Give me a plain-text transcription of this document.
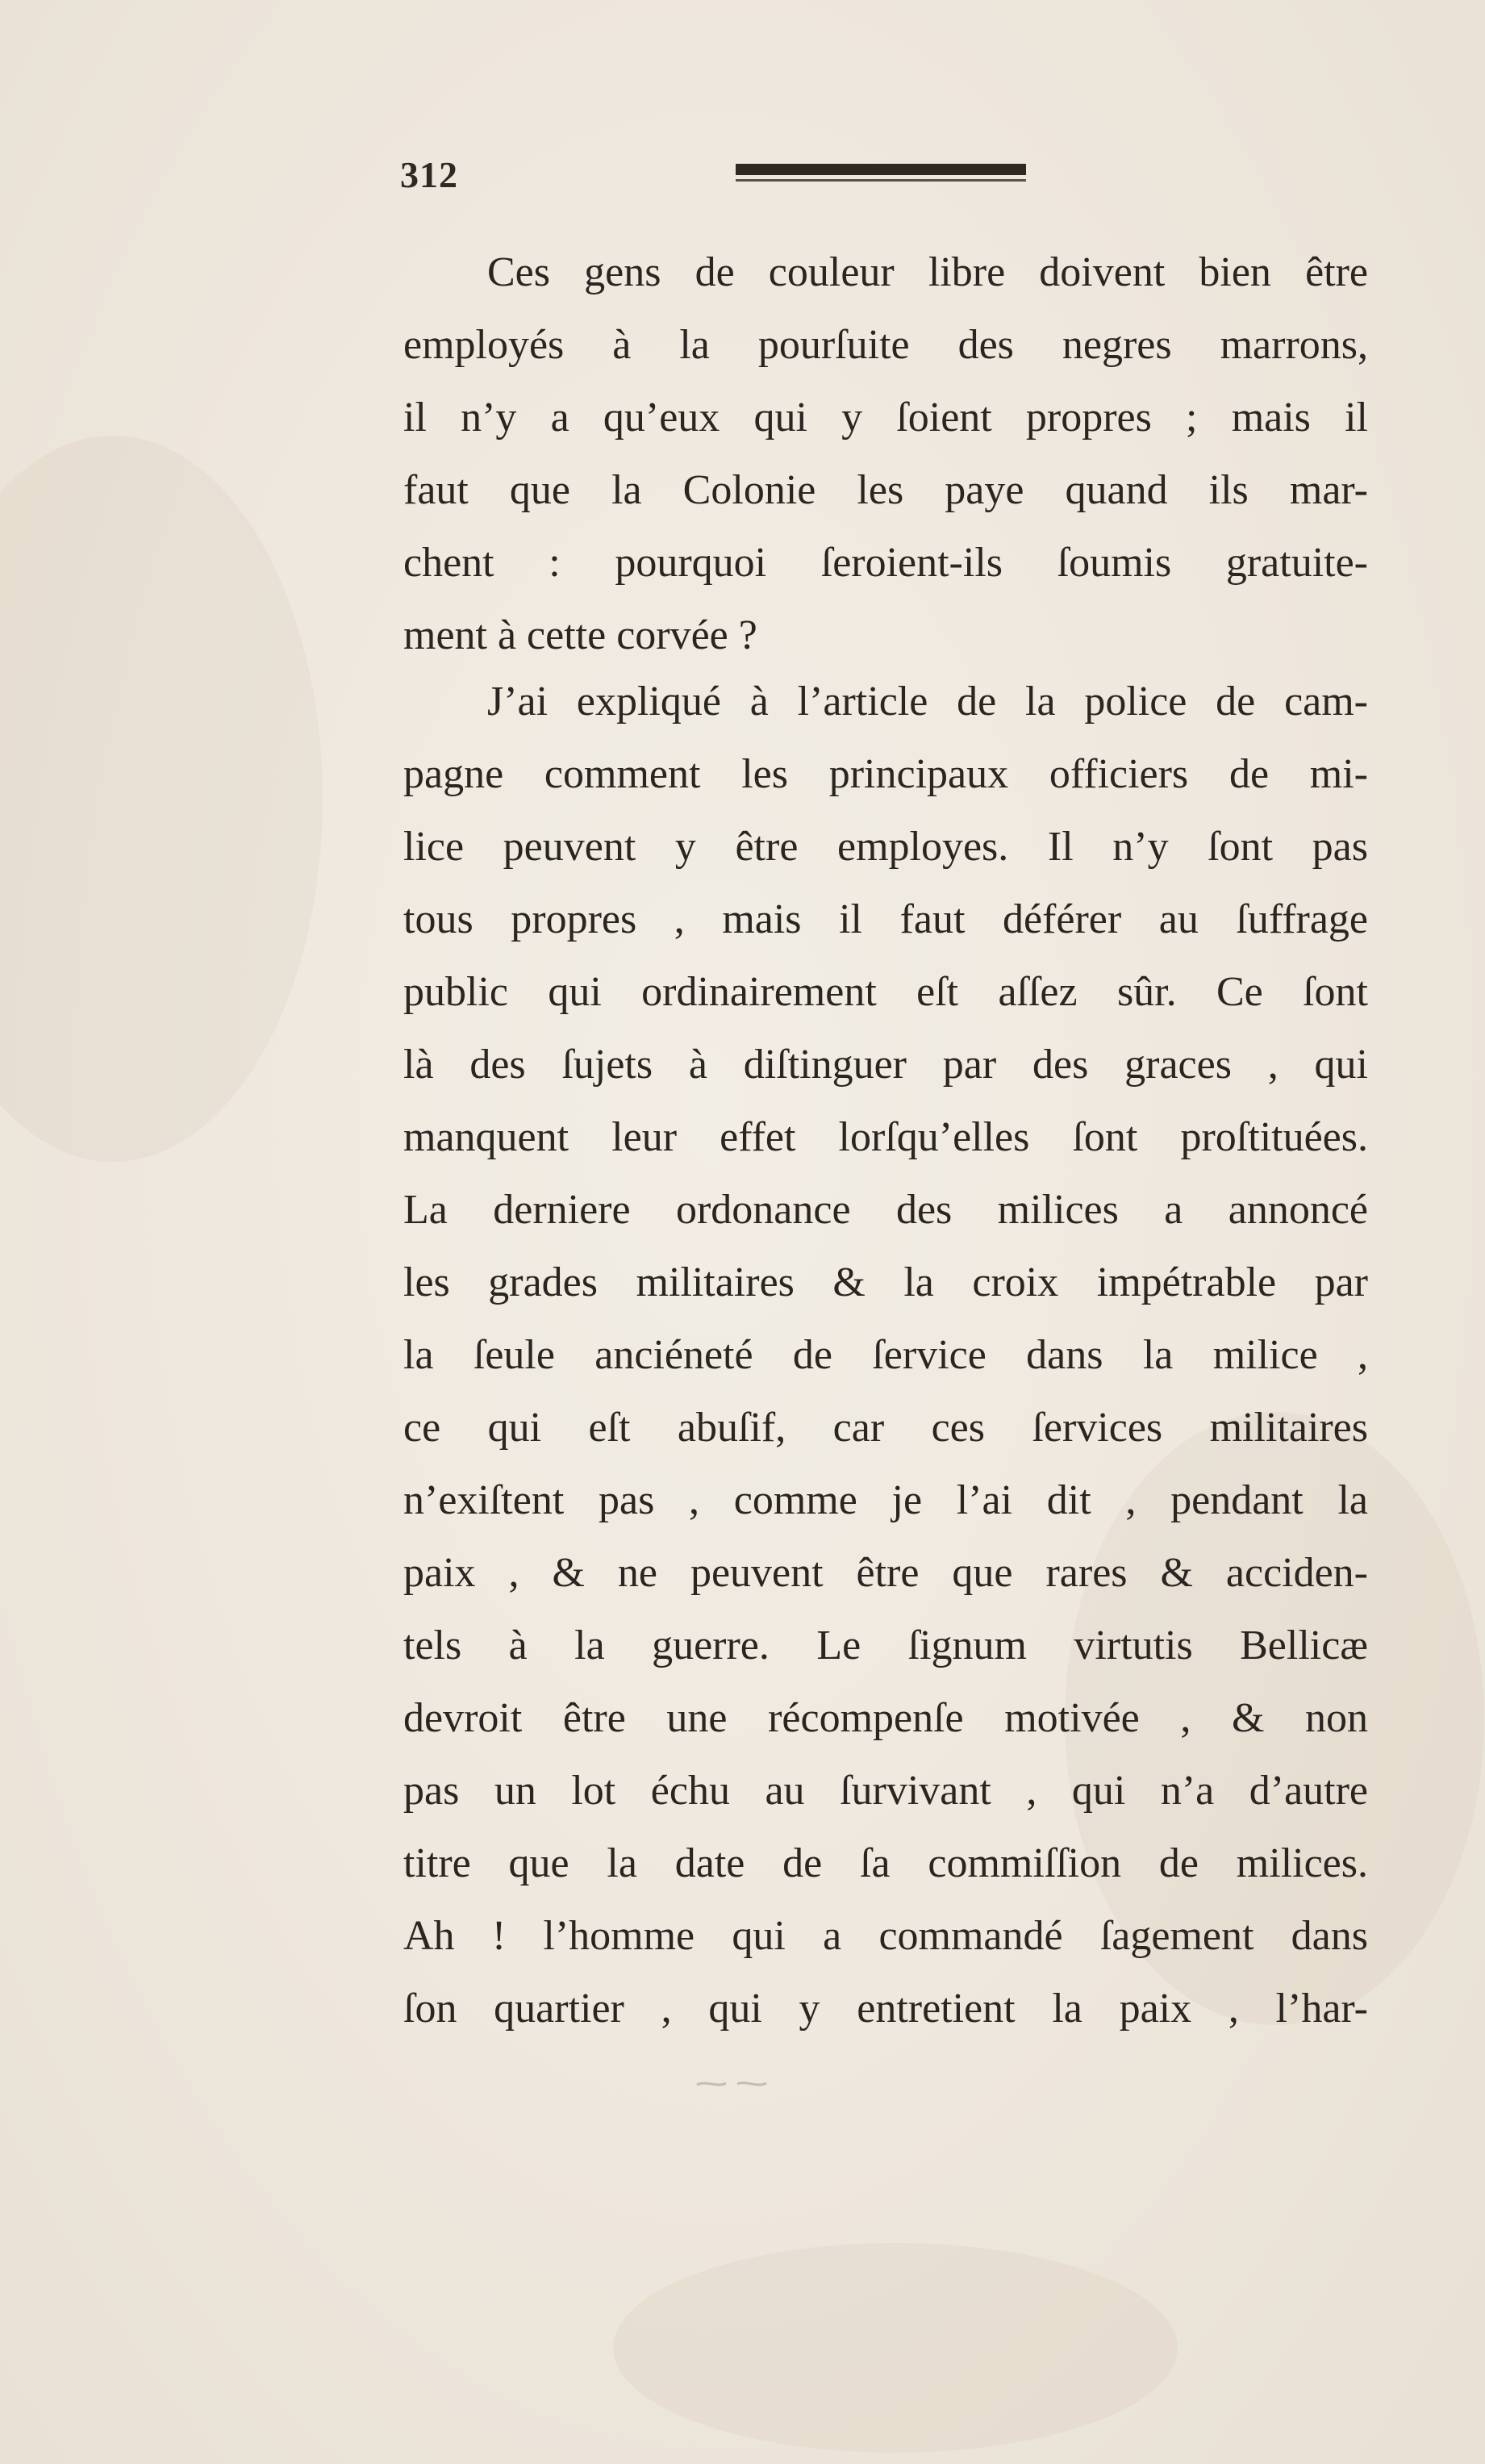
312
Ces gens de couleur libre doivent bien être
employés à la pourſuite des negres marrons,
il n’y a qu’eux qui y ſoient propres ; mais il
faut que la Colonie les paye quand ils mar-
chent : pourquoi ſeroient-ils ſoumis gratuite-
ment à cette corvée ?
J’ai expliqué à l’article de la police de cam-
pagne comment les principaux officiers de mi-
lice peuvent y être employes. Il n’y ſont pas
tous propres , mais il faut déférer au ſuffrage
public qui ordinairement eſt aſſez sûr. Ce ſont
là des ſujets à diſtinguer par des graces , qui
manquent leur effet lorſqu’elles ſont proſtituées.
La derniere ordonance des milices a annoncé
les grades militaires & la croix impétrable par
la ſeule anciéneté de ſervice dans la milice ,
ce qui eſt abuſif, car ces ſervices militaires
n’exiſtent pas , comme je l’ai dit , pendant la
paix , & ne peuvent être que rares & acciden-
tels à la guerre. Le ſignum virtutis Bellicæ
devroit être une récompenſe motivée , & non
pas un lot échu au ſurvivant , qui n’a d’autre
titre que la date de ſa commiſſion de milices.
Ah ! l’homme qui a commandé ſagement dans
ſon quartier , qui y entretient la paix , l’har-
